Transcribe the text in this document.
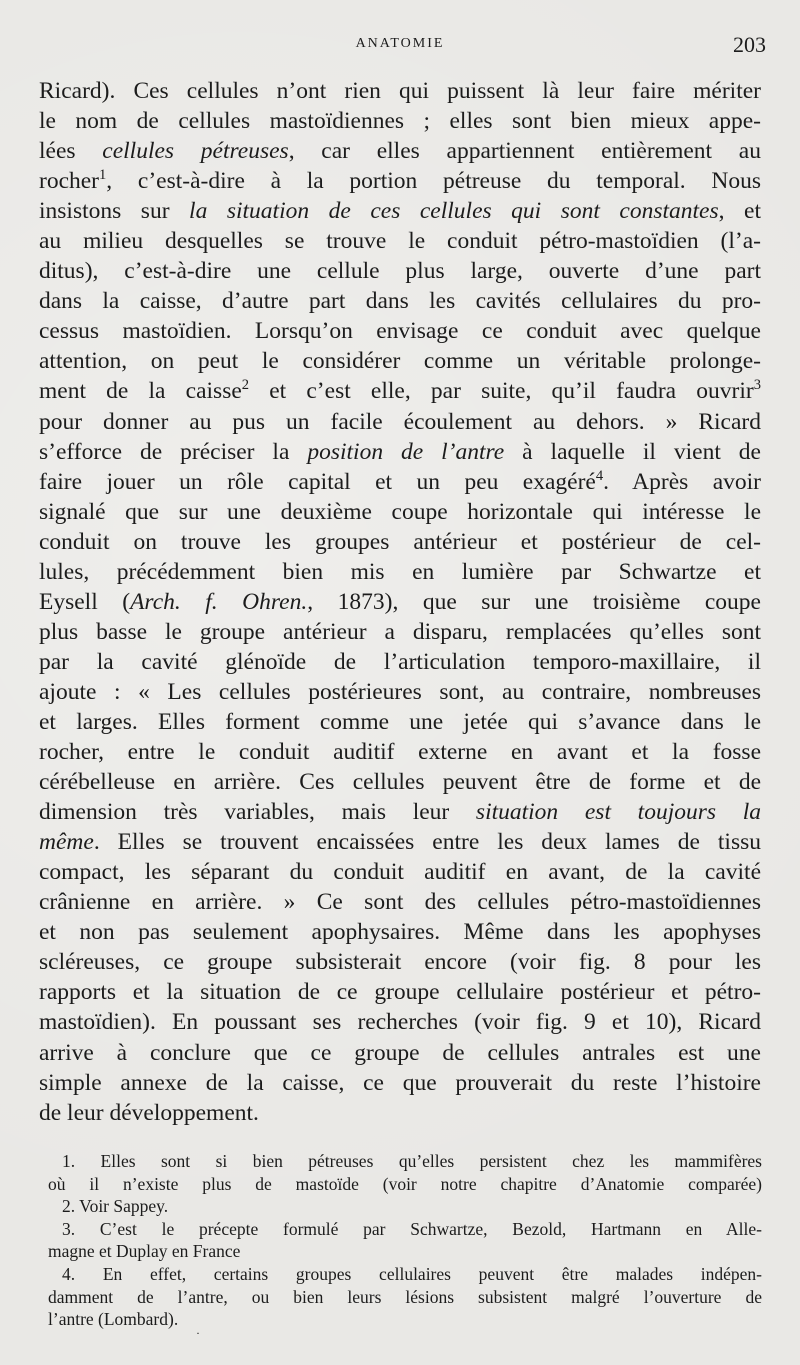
ANATOMIE	203
Ricard). Ces cellules n’ont rien qui puissent là leur faire mériter
le nom de cellules mastoïdiennes ; elles sont bien mieux appe-
lées cellules pétreuses, car elles appartiennent entièrement au
rocher$^1$, c’est-à-dire à la portion pétreuse du temporal. Nous
insistons sur la situation de ces cellules qui sont constantes, et
au milieu desquelles se trouve le conduit pétro-mastoïdien (l’a-
ditus), c’est-à-dire une cellule plus large, ouverte d’une part
dans la caisse, d’autre part dans les cavités cellulaires du pro-
cessus mastoïdien. Lorsqu’on envisage ce conduit avec quelque
attention, on peut le considérer comme un véritable prolonge-
ment de la caisse$^2$ et c’est elle, par suite, qu’il faudra ouvrir$^3$
pour donner au pus un facile écoulement au dehors. » Ricard
s’efforce de préciser la position de l’antre à laquelle il vient de
faire jouer un rôle capital et un peu exagéré$^4$. Après avoir
signalé que sur une deuxième coupe horizontale qui intéresse le
conduit on trouve les groupes antérieur et postérieur de cel-
lules, précédemment bien mis en lumière par Schwartze et
Eysell (Arch. f. Ohren., 1873), que sur une troisième coupe
plus basse le groupe antérieur a disparu, remplacées qu’elles sont
par la cavité glénoïde de l’articulation temporo-maxillaire, il
ajoute : « Les cellules postérieures sont, au contraire, nombreuses
et larges. Elles forment comme une jetée qui s’avance dans le
rocher, entre le conduit auditif externe en avant et la fosse
cérébelleuse en arrière. Ces cellules peuvent être de forme et de
dimension très variables, mais leur situation est toujours la
même. Elles se trouvent encaissées entre les deux lames de tissu
compact, les séparant du conduit auditif en avant, de la cavité
crânienne en arrière. » Ce sont des cellules pétro-mastoïdiennes
et non pas seulement apophysaires. Même dans les apophyses
scléreuses, ce groupe subsisterait encore (voir fig. 8 pour les
rapports et la situation de ce groupe cellulaire postérieur et pétro-
mastoïdien). En poussant ses recherches (voir fig. 9 et 10), Ricard
arrive à conclure que ce groupe de cellules antrales est une
simple annexe de la caisse, ce que prouverait du reste l’histoire
de leur développement.
1. Elles sont si bien pétreuses qu’elles persistent chez les mammifères
où il n’existe plus de mastoïde (voir notre chapitre d’Anatomie comparée)
2. Voir Sappey.
3. C’est le précepte formulé par Schwartze, Bezold, Hartmann en Alle-
magne et Duplay en France
4. En effet, certains groupes cellulaires peuvent être malades indépen-
damment de l’antre, ou bien leurs lésions subsistent malgré l’ouverture de
l’antre (Lombard).
·
